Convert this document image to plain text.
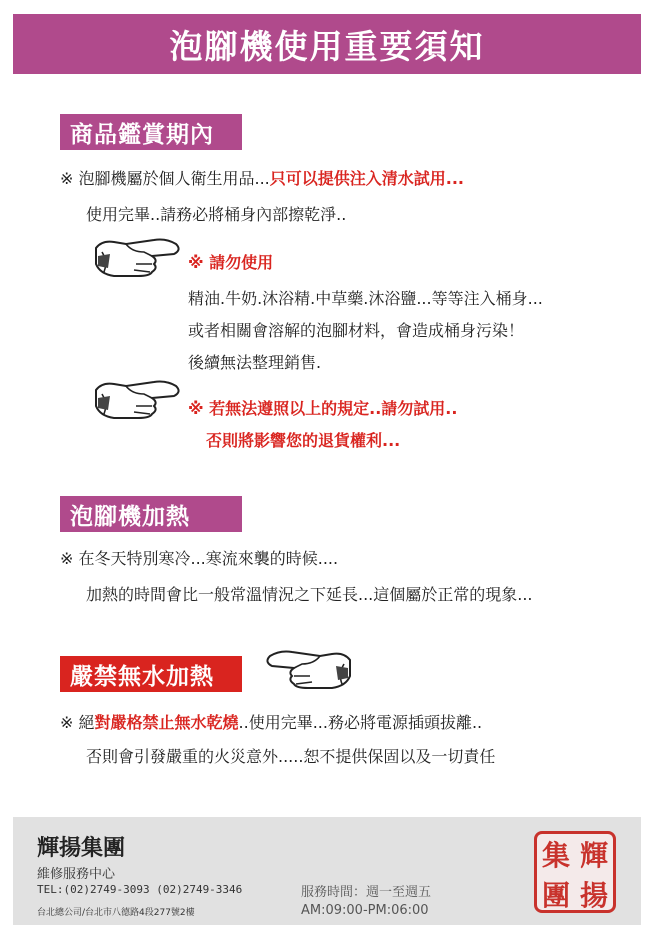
泡腳機使用重要須知
商品鑑賞期內
※ 泡腳機屬於個人衛生用品...只可以提供注入清水試用...
使用完畢..請務必將桶身內部擦乾淨..
※ 請勿使用
精油.牛奶.沐浴精.中草藥.沐浴鹽...等等注入桶身...
或者相關會溶解的泡腳材料，會造成桶身污染！
後續無法整理銷售.
※ 若無法遵照以上的規定..請勿試用..
否則將影響您的退貨權利...
泡腳機加熱
※ 在冬天特別寒冷...寒流來襲的時候....
加熱的時間會比一般常溫情況之下延長...這個屬於正常的現象...
嚴禁無水加熱
※ 絕對嚴格禁止無水乾燒..使用完畢...務必將電源插頭拔離..
否則會引發嚴重的火災意外.....恕不提供保固以及一切責任
輝揚集團
維修服務中心
TEL:(02)2749-3093 (02)2749-3346
台北總公司/台北市八德路4段277號2樓
服務時間：週一至週五
AM:09:00-PM:06:00
集 輝
團 揚
